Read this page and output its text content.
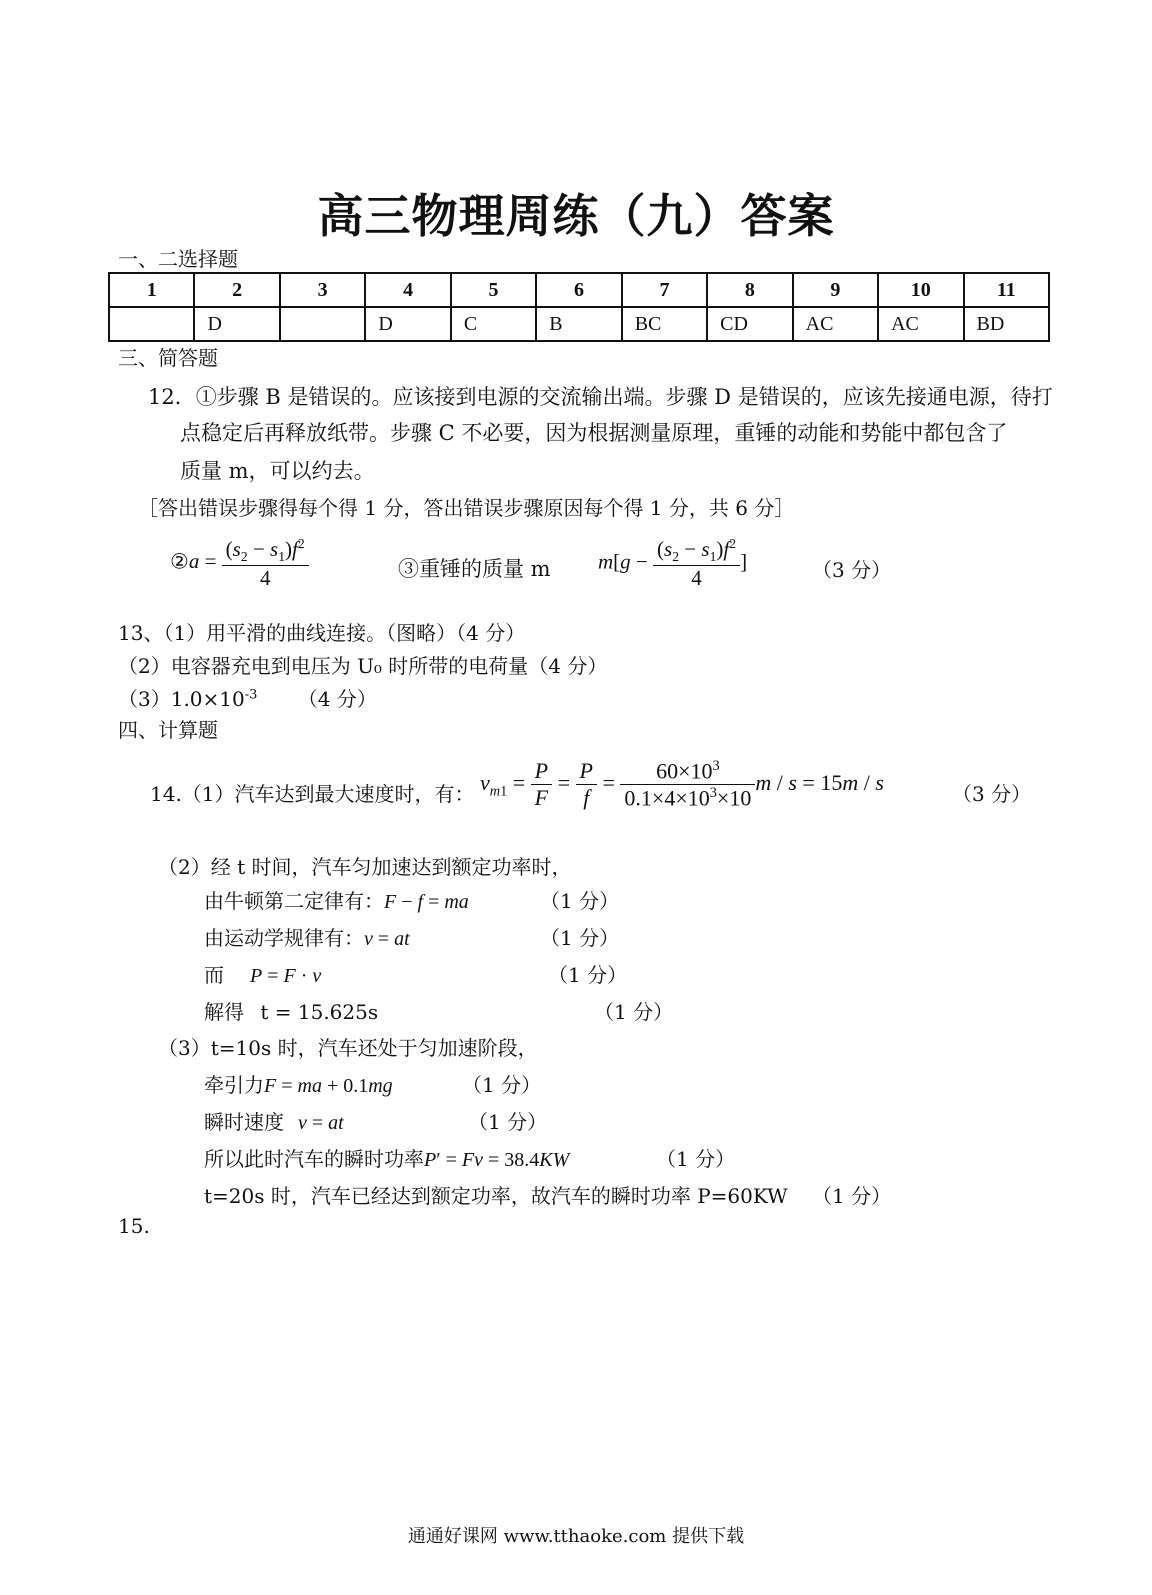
高三物理周练（九）答案
一、二选择题
1	2	3	4	5	6	7	8	9	10	11
	D		D	C	B	BC	CD	AC	AC	BD
三、简答题
12．①步骤 B 是错误的。应该接到电源的交流输出端。步骤 D 是错误的，应该先接通电源，待打
点稳定后再释放纸带。步骤 C 不必要，因为根据测量原理，重锤的动能和势能中都包含了
质量 m，可以约去。
［答出错误步骤得每个得 1 分，答出错误步骤原因每个得 1 分，共 6 分］
②a = $\frac{(s_2 - s_1)f^2}{4}$	③重锤的质量 m $m[g - \frac{(s_2 - s_1)f^2}{4}$ ]	（3 分）
13、（1）用平滑的曲线连接。（图略）（4 分）
（2）电容器充电到电压为 U₀ 时所带的电荷量（4 分）
$(3)1.0\times 10^{-3}$ （4 分）
四、计算题
14.（1）汽车达到最大速度时，有： $v_{m1} = \frac{P}{F} = \frac{P}{f} = \frac{60\times 10^3}{0.1\times 4\times 10^3\times 10}$ m / s = 15m / s	（3 分）
（2）经 t 时间，汽车匀加速达到额定功率时，
由牛顿第二定律有：F − f = ma	（1 分）
由运动学规律有：v = at	（1 分）
而 P = F · v	（1 分）
解得 t = 15.625s	（1 分）
（3）t=10s 时，汽车还处于匀加速阶段，
牵引力F = ma + 0.1mg	（1 分）
瞬时速度 v = at	（1 分）
所以此时汽车的瞬时功率P′ = Fv = 38.4KW	（1 分）
t=20s 时，汽车已经达到额定功率，故汽车的瞬时功率 P=60KW （1 分）
15.
通通好课网 www.tthaoke.com 提供下载
